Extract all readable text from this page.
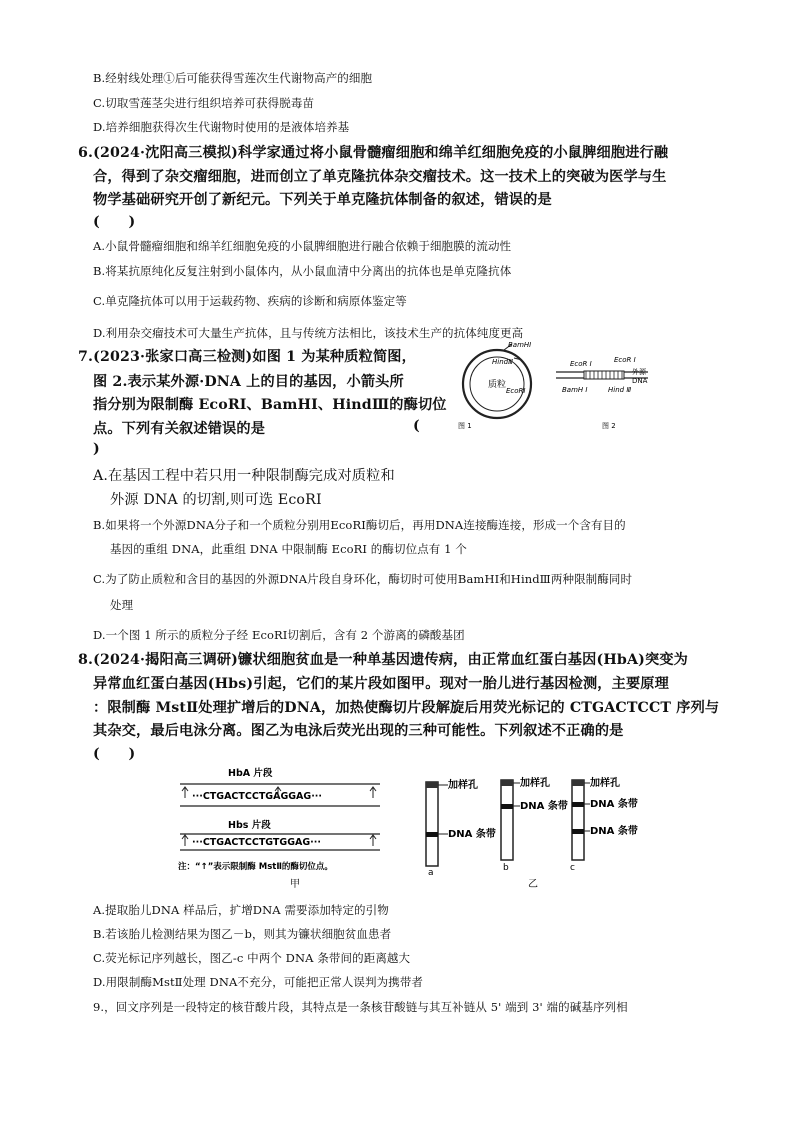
B.经射线处理①后可能获得雪莲次生代谢物高产的细胞
C.切取雪莲茎尖进行组织培养可获得脱毒苗
D.培养细胞获得次生代谢物时使用的是液体培养基
6.(2024·沈阳高三模拟)科学家通过将小鼠骨髓瘤细胞和绵羊红细胞免疫的小鼠脾细胞进行融
合，得到了杂交瘤细胞，进而创立了单克隆抗体杂交瘤技术。这一技术上的突破为医学与生
物学基础研究开创了新纪元。下列关于单克隆抗体制备的叙述，错误的是
(　　)
A.小鼠骨髓瘤细胞和绵羊红细胞免疫的小鼠脾细胞进行融合依赖于细胞膜的流动性
B.将某抗原纯化反复注射到小鼠体内，从小鼠血清中分离出的抗体也是单克隆抗体
C.单克隆抗体可以用于运载药物、疾病的诊断和病原体鉴定等
D.利用杂交瘤技术可大量生产抗体，且与传统方法相比，该技术生产的抗体纯度更高
7.(2023·张家口高三检测)如图 1 为某种质粒简图，
图 2.表示某外源·DNA 上的目的基因，小箭头所
指分别为限制酶 EcoRI、BamHI、HindⅢ的酶切位
点。下列有关叙述错误的是	(
)
A.在基因工程中若只用一种限制酶完成对质粒和
外源 DNA 的切割,则可选 EcoRI
B.如果将一个外源DNA分子和一个质粒分别用EcoRⅠ酶切后，再用DNA连接酶连接，形成一个含有目的
基因的重组 DNA，此重组 DNA 中限制酶 EcoRI 的酶切位点有 1 个
C.为了防止质粒和含目的基因的外源DNA片段自身环化，酶切时可使用BamHI和HindⅢ两种限制酶同时
处理
D.一个图 1 所示的质粒分子经 EcoRI切割后，含有 2 个游离的磷酸基团
质粒
BamHⅠ
HindⅢ
EcoRⅠ
EcoR Ⅰ	EcoR Ⅰ
外源
DNA
BamH Ⅰ	Hind Ⅲ
图 1	图 2
8.(2024·揭阳高三调研)镰状细胞贫血是一种单基因遗传病，由正常血红蛋白基因(HbA)突变为
异常血红蛋白基因(Hbs)引起，它们的某片段如图甲。现对一胎儿进行基因检测，主要原理
：限制酶 MstⅡ处理扩增后的DNA，加热使酶切片段解旋后用荧光标记的 CTGACTCCT 序列与
其杂交，最后电泳分离。图乙为电泳后荧光出现的三种可能性。下列叙述不正确的是
(　　)
HbA 片段
···CTGACTCCTGAGGAG···
Hbs 片段
···CTGACTCCTGTGGAG···
注：“↑”表示限制酶 MstⅡ的酶切位点。
甲
加样孔
DNA 条带
a
加样孔
DNA 条带
b
加样孔
DNA 条带
DNA 条带
c
乙
A.提取胎儿DNA 样品后，扩增DNA 需要添加特定的引物
B.若该胎儿检测结果为图乙－b，则其为镰状细胞贫血患者
C.荧光标记序列越长，图乙-c 中两个 DNA 条带间的距离越大
D.用限制酶MstⅡ处理 DNA不充分，可能把正常人误判为携带者
9.，回文序列是一段特定的核苷酸片段，其特点是一条核苷酸链与其互补链从 5' 端到 3' 端的碱基序列相
